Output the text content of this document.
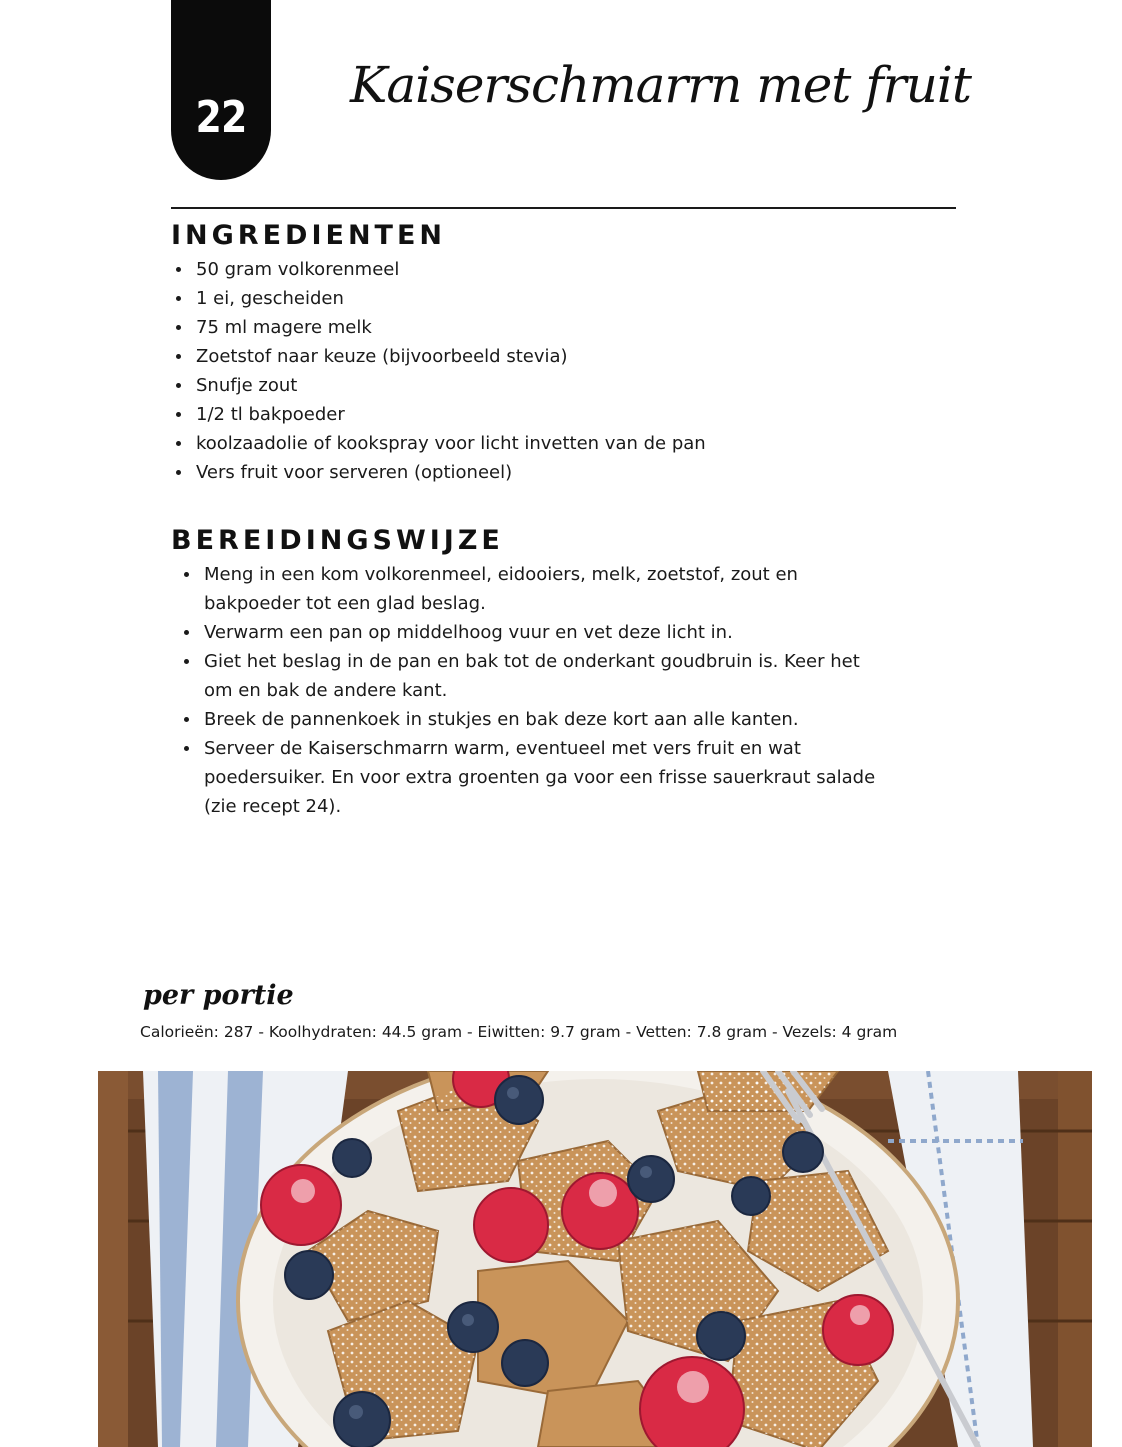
22
Kaiserschmarrn met fruit
INGREDIENTEN
50 gram volkorenmeel
1 ei, gescheiden
75 ml magere melk
Zoetstof naar keuze (bijvoorbeeld stevia)
Snufje zout
1/2 tl bakpoeder
koolzaadolie of kookspray voor licht invetten van de pan
Vers fruit voor serveren (optioneel)
BEREIDINGSWIJZE
Meng in een kom volkorenmeel, eidooiers, melk, zoetstof, zout en
bakpoeder tot een glad beslag.
Verwarm een pan op middelhoog vuur en vet deze licht in.
Giet het beslag in de pan en bak tot de onderkant goudbruin is. Keer het
om en bak de andere kant.
Breek de pannenkoek in stukjes en bak deze kort aan alle kanten.
Serveer de Kaiserschmarrn warm, eventueel met vers fruit en wat
poedersuiker. En voor extra groenten ga voor een frisse sauerkraut salade
(zie recept 24).
per portie
Calorieën: 287 - Koolhydraten: 44.5 gram - Eiwitten: 9.7 gram - Vetten: 7.8 gram - Vezels: 4 gram
